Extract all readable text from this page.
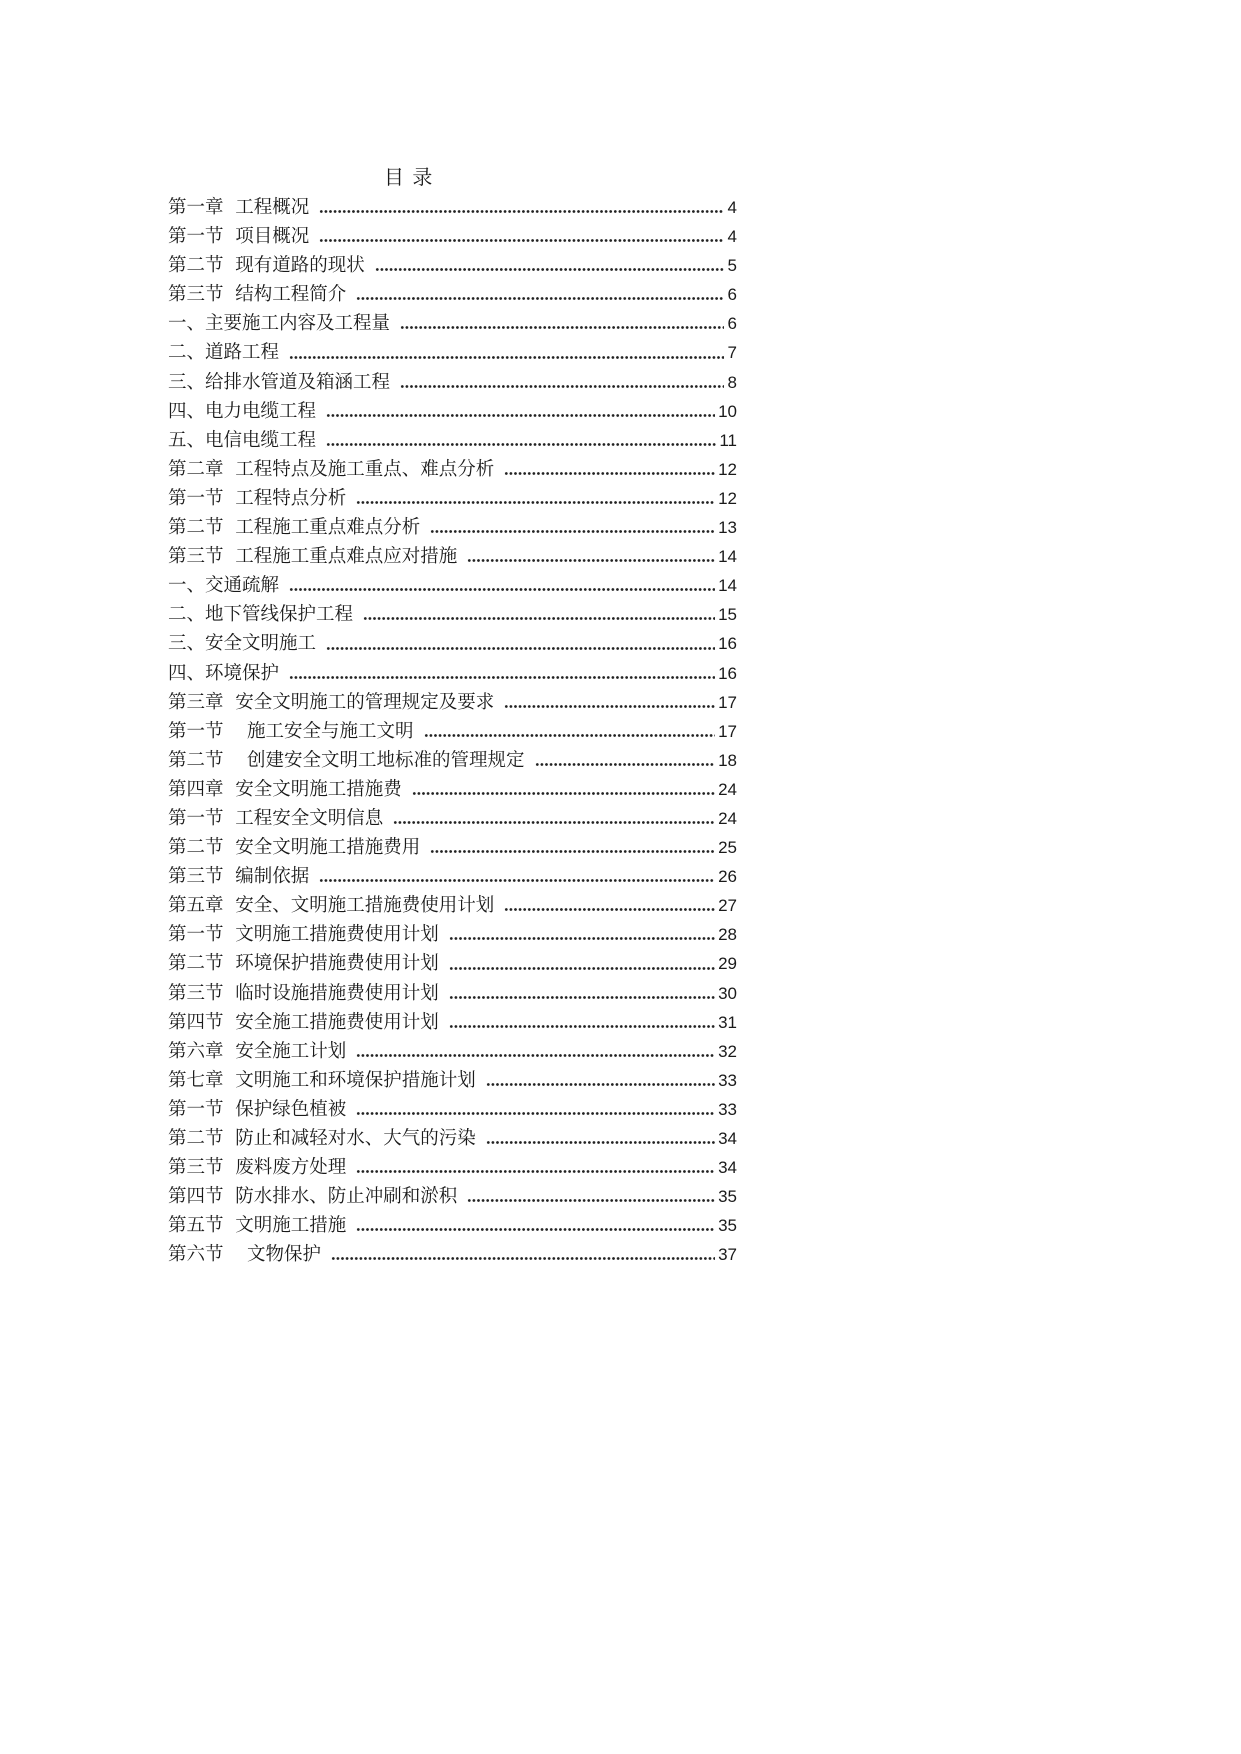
目 录
第一章  工程概况	4
第一节  项目概况	4
第二节  现有道路的现状	5
第三节  结构工程简介	6
一、主要施工内容及工程量	6
二、道路工程	7
三、给排水管道及箱涵工程	8
四、电力电缆工程	10
五、电信电缆工程	11
第二章  工程特点及施工重点、难点分析	12
第一节  工程特点分析	12
第二节  工程施工重点难点分析	13
第三节  工程施工重点难点应对措施	14
一、交通疏解	14
二、地下管线保护工程	15
三、安全文明施工	16
四、环境保护	16
第三章  安全文明施工的管理规定及要求	17
第一节    施工安全与施工文明	17
第二节    创建安全文明工地标准的管理规定	18
第四章  安全文明施工措施费	24
第一节  工程安全文明信息	24
第二节  安全文明施工措施费用	25
第三节  编制依据	26
第五章  安全、文明施工措施费使用计划	27
第一节  文明施工措施费使用计划	28
第二节  环境保护措施费使用计划	29
第三节  临时设施措施费使用计划	30
第四节  安全施工措施费使用计划	31
第六章  安全施工计划	32
第七章  文明施工和环境保护措施计划	33
第一节  保护绿色植被	33
第二节  防止和减轻对水、大气的污染	34
第三节  废料废方处理	34
第四节  防水排水、防止冲刷和淤积	35
第五节  文明施工措施	35
第六节    文物保护	37
